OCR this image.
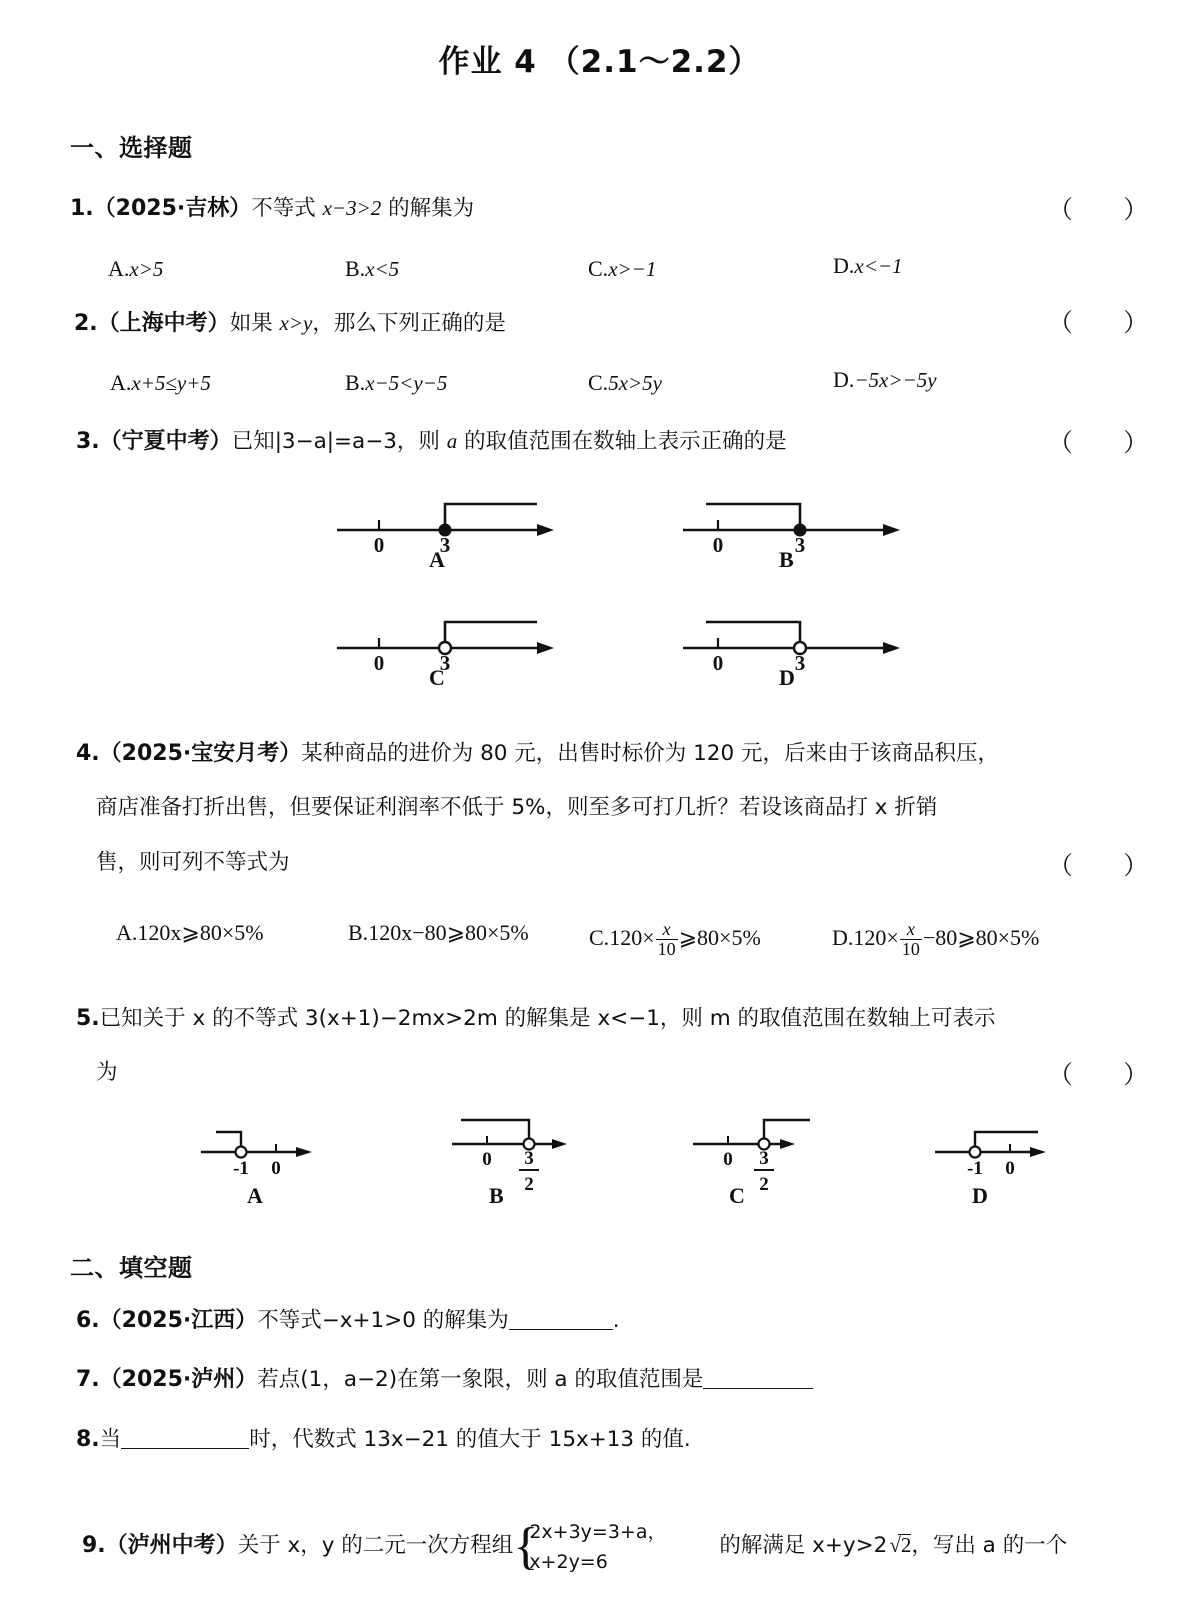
作业 4 （2.1～2.2）
一、选择题
1.（2025·吉林）不等式 x−3>2 的解集为	（ ）
A.x>5	B.x<5	C.x>−1	D.x<−1
2.（上海中考）如果 x>y，那么下列正确的是	（ ）
A.x+5≤y+5	B.x−5<y−5	C.5x>5y	D.−5x>−5y
3.（宁夏中考）已知|3−a|=a−3，则 a 的取值范围在数轴上表示正确的是	（ ）
0	3
A
0	3
B
0	3
C
0	3
D
4.（2025·宝安月考）某种商品的进价为 80 元，出售时标价为 120 元，后来由于该商品积压，
商店准备打折出售，但要保证利润率不低于 5%，则至多可打几折？若设该商品打 x 折销
售，则可列不等式为	（ ）
A.120x⩾80×5%	B.120x−80⩾80×5%	$C.120\times \frac{x}{10}$ ⩾80×5%	$D.120\times \frac{x}{10}$ −80⩾80×5%
5.已知关于 x 的不等式 3(x+1)−2mx>2m 的解集是 x<−1，则 m 的取值范围在数轴上可表示
为	（ ）
-1 0
A
0 3
2
B
0 3
2
C
-1 0
D
二、填空题
6.（2025·江西）不等式−x+1>0 的解集为	.
7.（2025·泸州）若点(1，a−2)在第一象限，则 a 的取值范围是
8.当	时，代数式 13x−21 的值大于 15x+13 的值.
9.（泸州中考）关于 x，y 的二元一次方程组 {
2x+3y=3+a，
x+2y=6
的解满足 x+y>2√
2，写出 a 的一个
